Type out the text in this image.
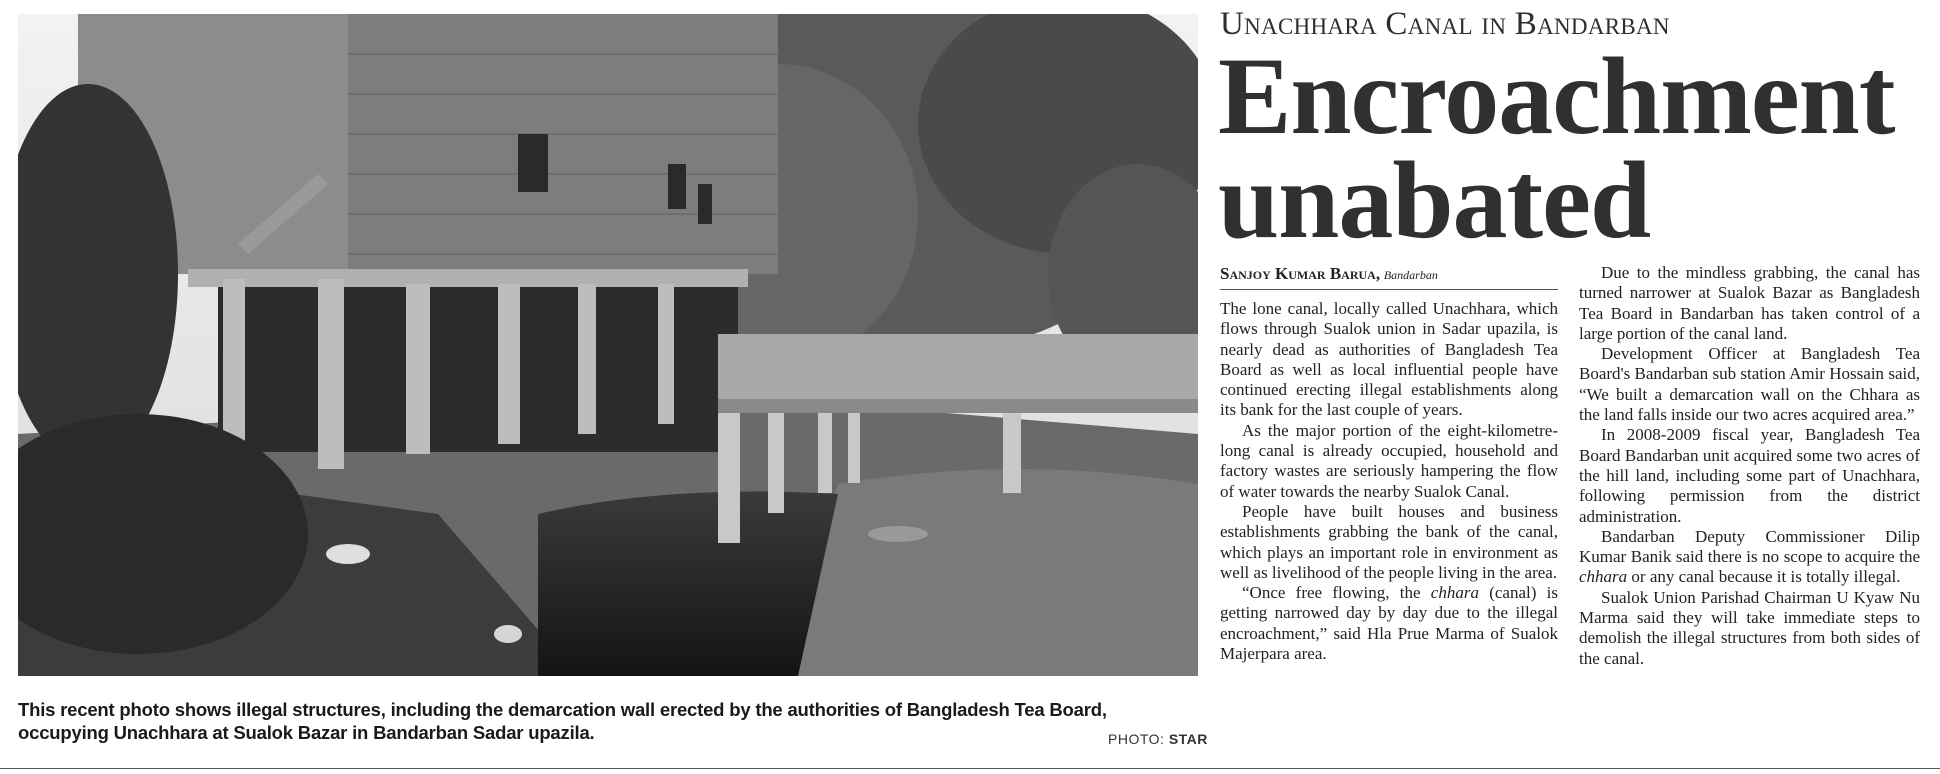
This recent photo shows illegal structures, including the demarcation wall erected by the authorities of Bangladesh Tea Board, occupying Unachhara at Sualok Bazar in Bandarban Sadar upazila.	PHOTO: STAR
Unachhara Canal in Bandarban
Encroachment
unabated
Sanjoy Kumar Barua, Bandarban

The lone canal, locally called Unachhara, which flows through Sualok union in Sadar upazila, is nearly dead as authorities of Bangladesh Tea Board as well as local influential people have continued erecting illegal establishments along its bank for the last couple of years.

As the major portion of the eight-kilometre-long canal is already occupied, household and factory wastes are seriously hampering the flow of water towards the nearby Sualok Canal.

People have built houses and business establishments grabbing the bank of the canal, which plays an important role in environment as well as livelihood of the people living in the area.

“Once free flowing, the chhara (canal) is getting narrowed day by day due to the illegal encroachment,” said Hla Prue Marma of Sualok Majerpara area.

Due to the mindless grabbing, the canal has turned narrower at Sualok Bazar as Bangladesh Tea Board in Bandarban has taken control of a large portion of the canal land.

Development Officer at Bangladesh Tea Board's Bandarban sub station Amir Hossain said, “We built a demarcation wall on the Chhara as the land falls inside our two acres acquired area.”

In 2008-2009 fiscal year, Bangladesh Tea Board Bandarban unit acquired some two acres of the hill land, including some part of Unachhara, following permission from the district administration.

Bandarban Deputy Commissioner Dilip Kumar Banik said there is no scope to acquire the chhara or any canal because it is totally illegal.

Sualok Union Parishad Chairman U Kyaw Nu Marma said they will take immediate steps to demolish the illegal structures from both sides of the canal.
